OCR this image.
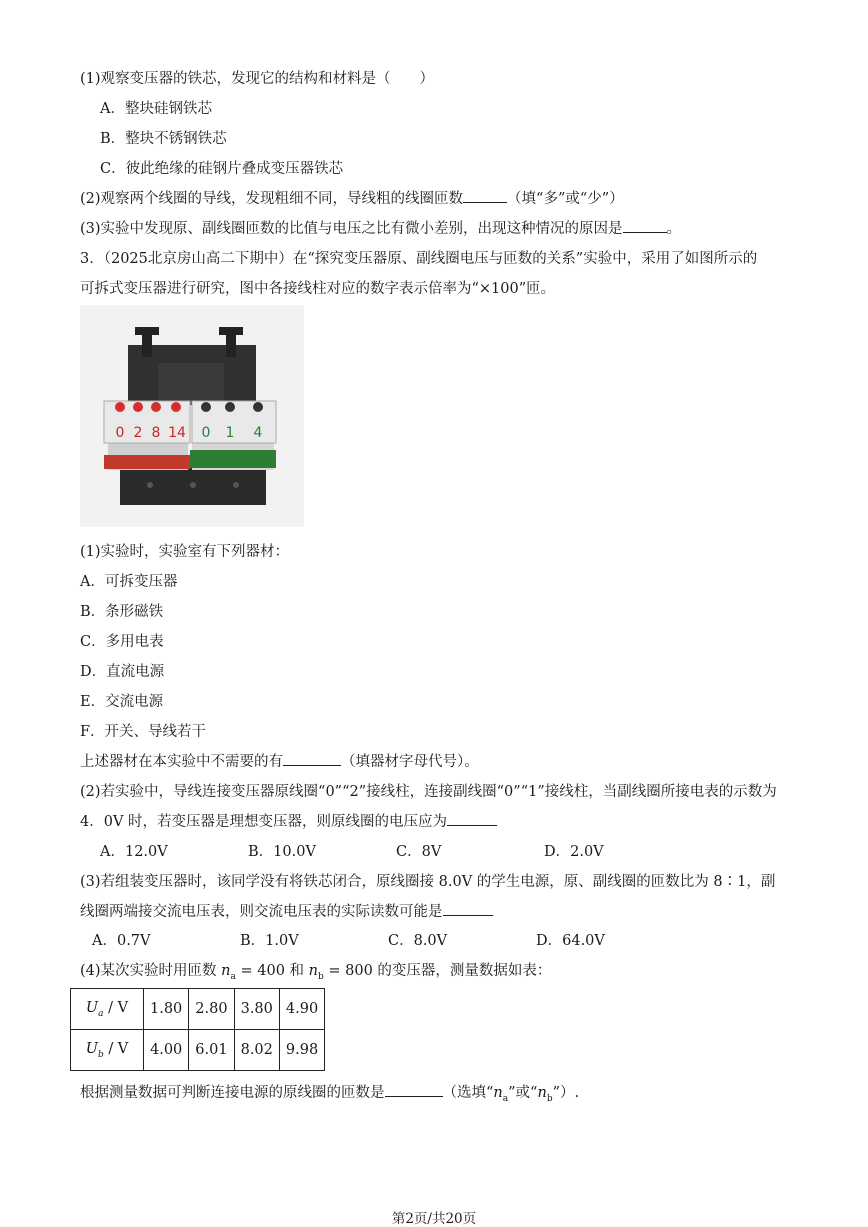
(1)观察变压器的铁芯，发现它的结构和材料是（　　）
A．整块硅钢铁芯
B．整块不锈钢铁芯
C．彼此绝缘的硅钢片叠成变压器铁芯
(2)观察两个线圈的导线，发现粗细不同，导线粗的线圈匝数	（填“多”或“少”）
(3)实验中发现原、副线圈匝数的比值与电压之比有微小差别，出现这种情况的原因是	。
3．（2025北京房山高二下期中）在“探究变压器原、副线圈电压与匝数的关系”实验中，采用了如图所示的
可拆式变压器进行研究，图中各接线柱对应的数字表示倍率为“×100”匝。
0 2 8 14 0 1 4
(1)实验时，实验室有下列器材：
A．可拆变压器
B．条形磁铁
C．多用电表
D．直流电源
E．交流电源
F．开关、导线若干
上述器材在本实验中不需要的有	（填器材字母代号）。
(2)若实验中，导线连接变压器原线圈“0”“2”接线柱，连接副线圈“0”“1”接线柱，当副线圈所接电表的示数为
4．0V 时，若变压器是理想变压器，则原线圈的电压应为
A．12.0V	B．10.0V	C．8V	D．2.0V
(3)若组装变压器时，该同学没有将铁芯闭合，原线圈接 8.0V 的学生电源，原、副线圈的匝数比为 8∶1，副
线圈两端接交流电压表，则交流电压表的实际读数可能是
A．0.7V	B．1.0V	C．8.0V	D．64.0V
(4)某次实验时用匝数 $n_a = 400$ 和 $n_b = 800$ 的变压器，测量数据如表：
$U_a$ / V	1.80	2.80	3.80	4.90
$U_b$ / V	4.00	6.01	8.02	9.98
根据测量数据可判断连接电源的原线圈的匝数是	（选填“$n_a$”或“$n_b$”）.
第2页/共20页
